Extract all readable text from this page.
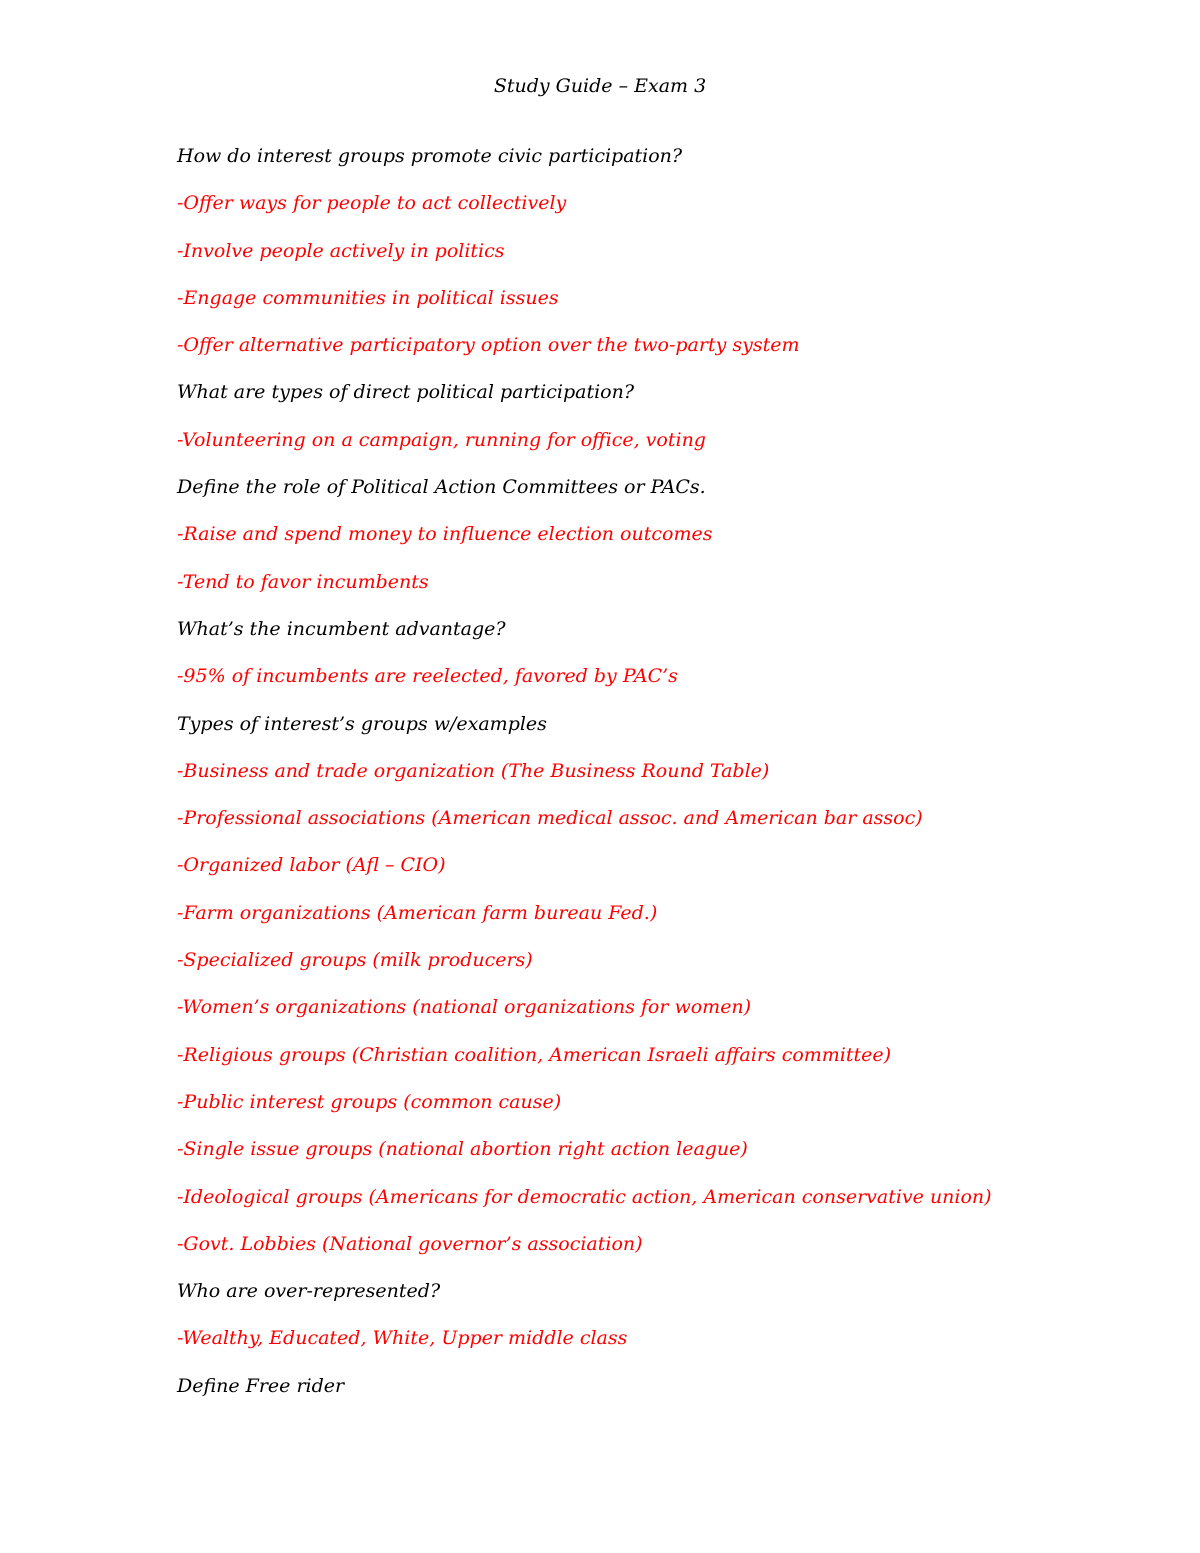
Study Guide – Exam 3
How do interest groups promote civic participation?
-Offer ways for people to act collectively
-Involve people actively in politics
-Engage communities in political issues
-Offer alternative participatory option over the two-party system
What are types of direct political participation?
-Volunteering on a campaign, running for office, voting
Define the role of Political Action Committees or PACs.
-Raise and spend money to influence election outcomes
-Tend to favor incumbents
What’s the incumbent advantage?
-95% of incumbents are reelected, favored by PAC’s
Types of interest’s groups w/examples
-Business and trade organization (The Business Round Table)
-Professional associations (American medical assoc. and American bar assoc)
-Organized labor (Afl – CIO)
-Farm organizations (American farm bureau Fed.)
-Specialized groups (milk producers)
-Women’s organizations (national organizations for women)
-Religious groups (Christian coalition, American Israeli affairs committee)
-Public interest groups (common cause)
-Single issue groups (national abortion right action league)
-Ideological groups (Americans for democratic action, American conservative union)
-Govt. Lobbies (National governor’s association)
Who are over-represented?
-Wealthy, Educated, White, Upper middle class
Define Free rider
